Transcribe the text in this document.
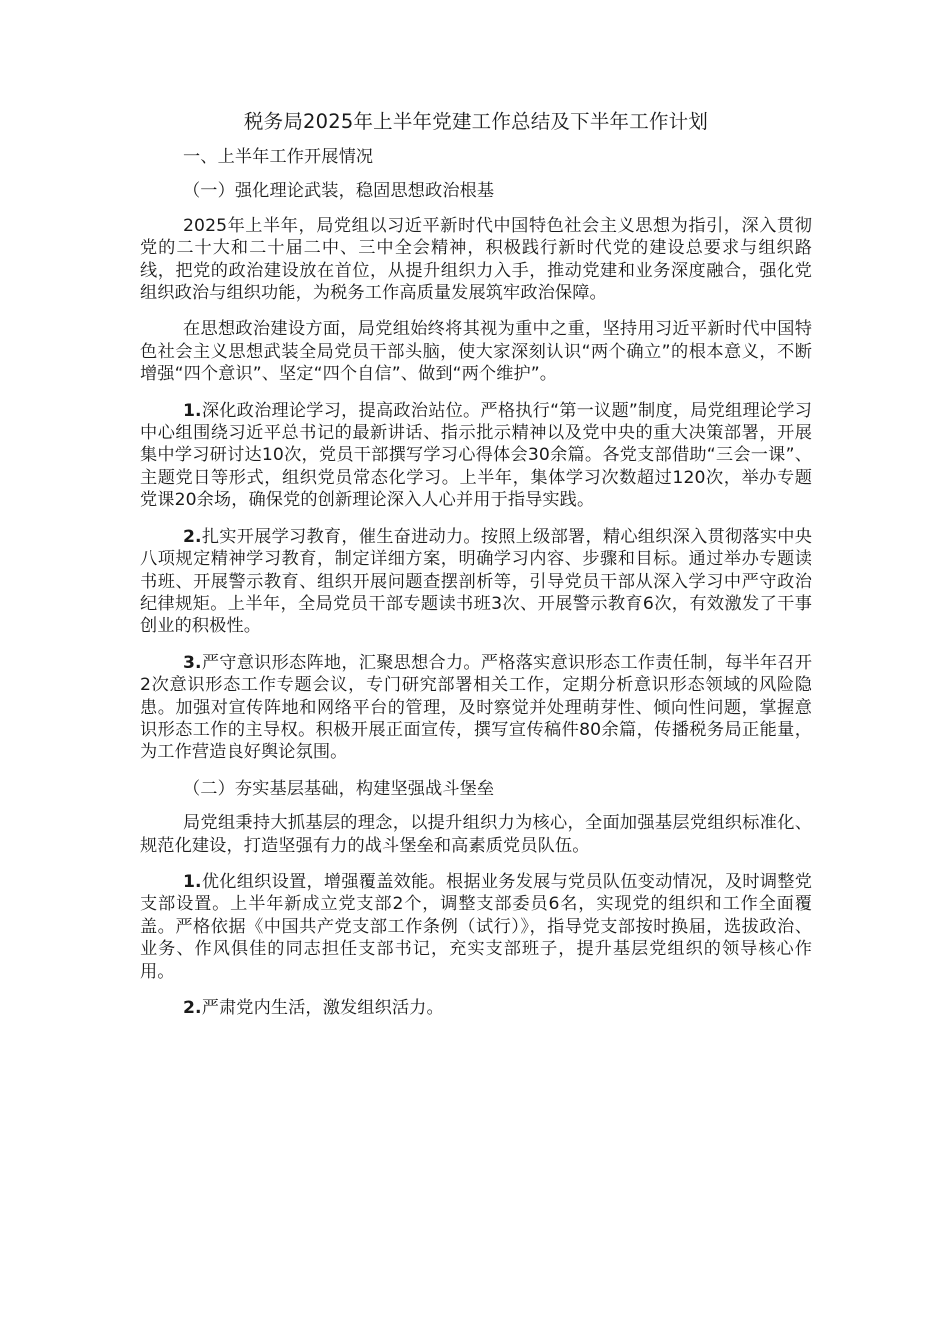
税务局2025年上半年党建工作总结及下半年工作计划

一、上半年工作开展情况

（一）强化理论武装，稳固思想政治根基

2025年上半年，局党组以习近平新时代中国特色社会主义思想为指引，深入贯彻党的二十大和二十届二中、三中全会精神，积极践行新时代党的建设总要求与组织路线，把党的政治建设放在首位，从提升组织力入手，推动党建和业务深度融合，强化党组织政治与组织功能，为税务工作高质量发展筑牢政治保障。

在思想政治建设方面，局党组始终将其视为重中之重，坚持用习近平新时代中国特色社会主义思想武装全局党员干部头脑，使大家深刻认识“两个确立”的根本意义，不断增强“四个意识”、坚定“四个自信”、做到“两个维护”。

1.深化政治理论学习，提高政治站位。严格执行“第一议题”制度，局党组理论学习中心组围绕习近平总书记的最新讲话、指示批示精神以及党中央的重大决策部署，开展集中学习研讨达10次，党员干部撰写学习心得体会30余篇。各党支部借助“三会一课”、主题党日等形式，组织党员常态化学习。上半年，集体学习次数超过120次，举办专题党课20余场，确保党的创新理论深入人心并用于指导实践。

2.扎实开展学习教育，催生奋进动力。按照上级部署，精心组织深入贯彻落实中央八项规定精神学习教育，制定详细方案，明确学习内容、步骤和目标。通过举办专题读书班、开展警示教育、组织开展问题查摆剖析等，引导党员干部从深入学习中严守政治纪律规矩。上半年，全局党员干部专题读书班3次、开展警示教育6次，有效激发了干事创业的积极性。

3.严守意识形态阵地，汇聚思想合力。严格落实意识形态工作责任制，每半年召开2次意识形态工作专题会议，专门研究部署相关工作，定期分析意识形态领域的风险隐患。加强对宣传阵地和网络平台的管理，及时察觉并处理萌芽性、倾向性问题，掌握意识形态工作的主导权。积极开展正面宣传，撰写宣传稿件80余篇，传播税务局正能量，为工作营造良好舆论氛围。

（二）夯实基层基础，构建坚强战斗堡垒

局党组秉持大抓基层的理念，以提升组织力为核心，全面加强基层党组织标准化、规范化建设，打造坚强有力的战斗堡垒和高素质党员队伍。

1.优化组织设置，增强覆盖效能。根据业务发展与党员队伍变动情况，及时调整党支部设置。上半年新成立党支部2个，调整支部委员6名，实现党的组织和工作全面覆盖。严格依据《中国共产党支部工作条例（试行）》，指导党支部按时换届，选拔政治、业务、作风俱佳的同志担任支部书记，充实支部班子，提升基层党组织的领导核心作用。

2.严肃党内生活，激发组织活力。
